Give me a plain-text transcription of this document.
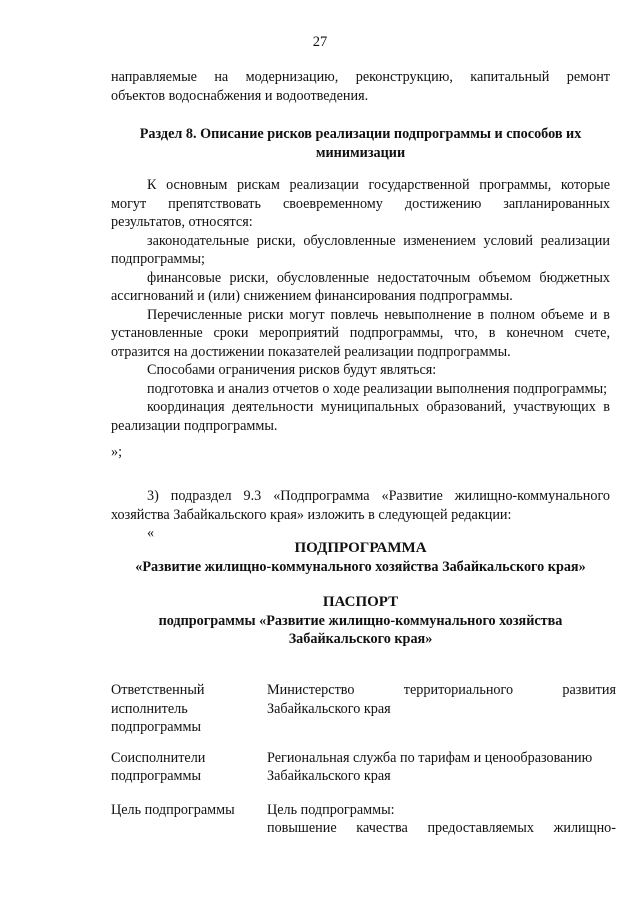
27

направляемые на модернизацию, реконструкцию, капитальный ремонт

объектов водоснабжения и водоотведения.

Раздел 8. Описание рисков реализации подпрограммы и способов их

минимизации

К основным рискам реализации государственной программы, которые могут препятствовать своевременному достижению запланированных результатов, относятся:

законодательные риски, обусловленные изменением условий реализации подпрограммы;

финансовые риски, обусловленные недостаточным объемом бюджетных ассигнований и (или) снижением финансирования подпрограммы.

Перечисленные риски могут повлечь невыполнение в полном объеме и в установленные сроки мероприятий подпрограммы, что, в конечном счете, отразится на достижении показателей реализации подпрограммы.

Способами ограничения рисков будут являться:

подготовка и анализ отчетов о ходе реализации выполнения подпрограммы;

координация деятельности муниципальных образований, участвующих в реализации подпрограммы.

»;

3) подраздел 9.3 «Подпрограмма «Развитие жилищно-коммунального хозяйства Забайкальского края» изложить в следующей редакции:

«

ПОДПРОГРАММА

«Развитие жилищно-коммунального хозяйства Забайкальского края»

ПАСПОРТ

подпрограммы «Развитие жилищно-коммунального хозяйства

Забайкальского края»

Ответственный
исполнитель
подпрограммы
Министерство территориального развития
Забайкальского края
Соисполнители
подпрограммы
Региональная служба по тарифам и ценообразованию
Забайкальского края
Цель подпрограммы	Цель подпрограммы:
повышение качества предоставляемых жилищно-
